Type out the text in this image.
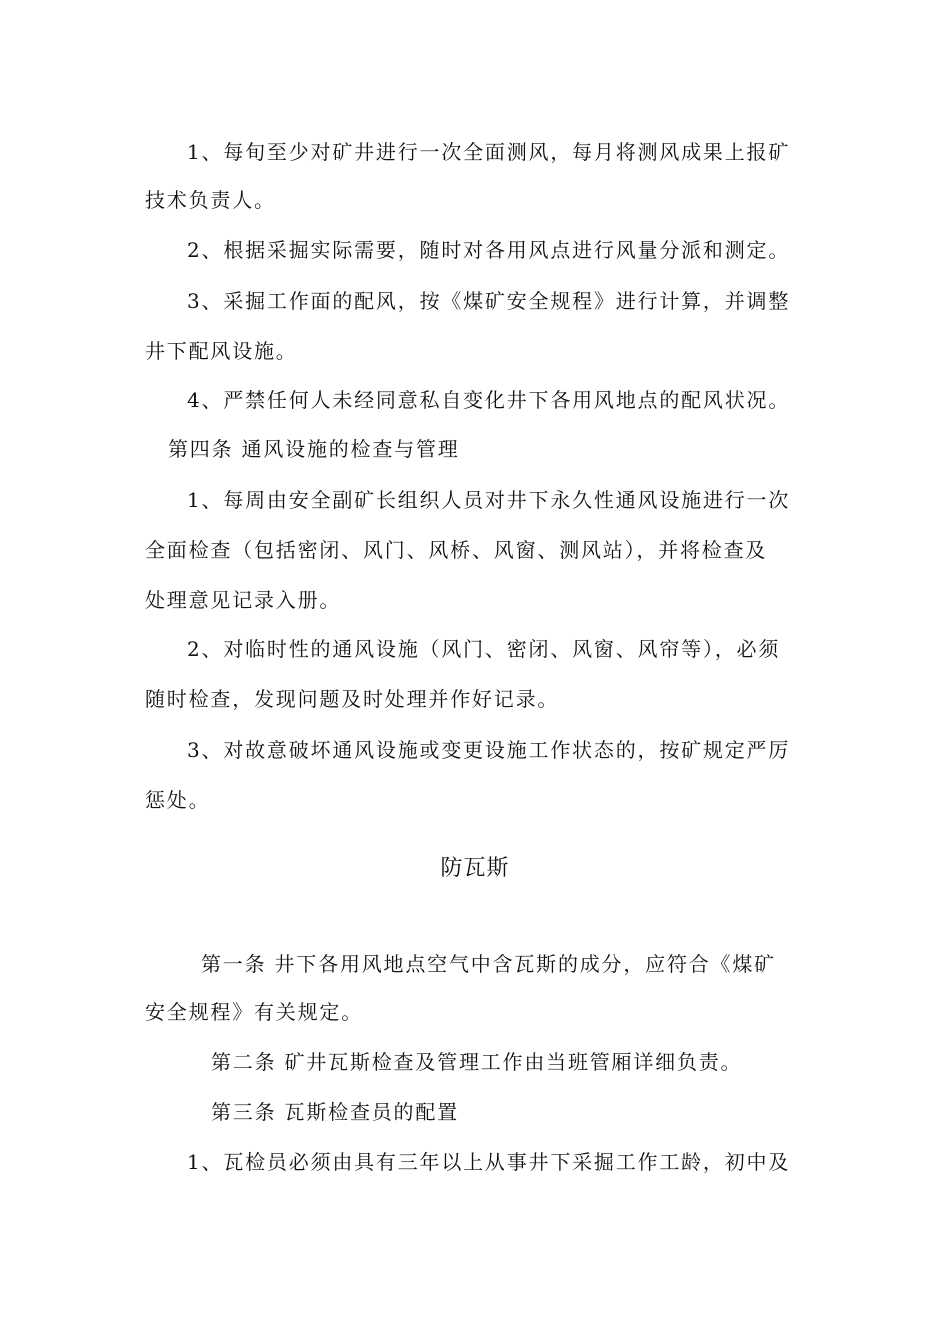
1、每旬至少对矿井进行一次全面测风，每月将测风成果上报矿
技术负责人。
2、根据采掘实际需要，随时对各用风点进行风量分派和测定。
3、采掘工作面的配风，按《煤矿安全规程》进行计算，并调整
井下配风设施。
4、严禁任何人未经同意私自变化井下各用风地点的配风状况。
第四条 通风设施的检查与管理
1、每周由安全副矿长组织人员对井下永久性通风设施进行一次
全面检查（包括密闭、风门、风桥、风窗、测风站），并将检查及
处理意见记录入册。
2、对临时性的通风设施（风门、密闭、风窗、风帘等），必须
随时检查，发现问题及时处理并作好记录。
3、对故意破坏通风设施或变更设施工作状态的，按矿规定严厉
惩处。
防瓦斯
第一条 井下各用风地点空气中含瓦斯的成分，应符合《煤矿
安全规程》有关规定。
第二条 矿井瓦斯检查及管理工作由当班管厢详细负责。
第三条 瓦斯检查员的配置
1、瓦检员必须由具有三年以上从事井下采掘工作工龄，初中及
